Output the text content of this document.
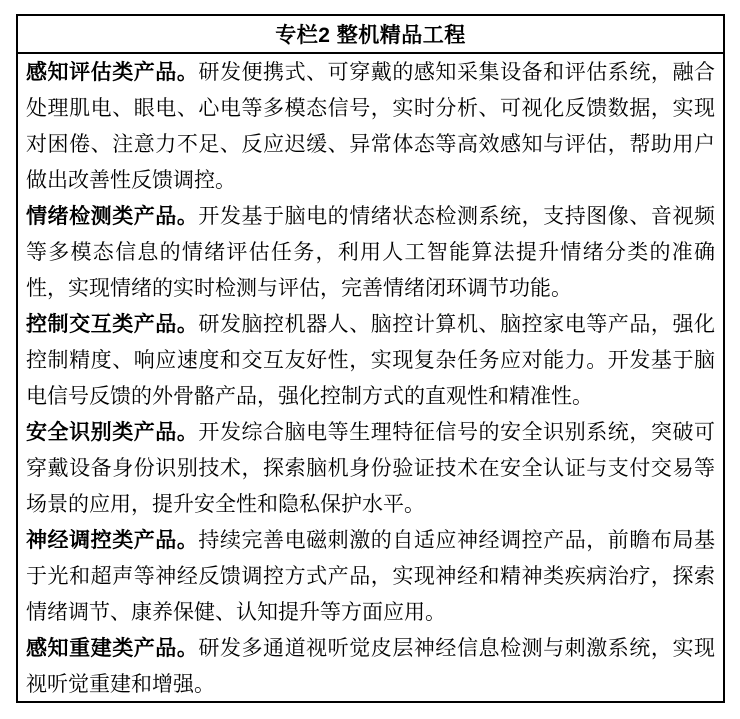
专栏2 整机精品工程

感知评估类产品。研发便携式、可穿戴的感知采集设备和评估系统，融合处理肌电、眼电、心电等多模态信号，实时分析、可视化反馈数据，实现对困倦、注意力不足、反应迟缓、异常体态等高效感知与评估，帮助用户做出改善性反馈调控。

情绪检测类产品。开发基于脑电的情绪状态检测系统，支持图像、音视频等多模态信息的情绪评估任务，利用人工智能算法提升情绪分类的准确性，实现情绪的实时检测与评估，完善情绪闭环调节功能。

控制交互类产品。研发脑控机器人、脑控计算机、脑控家电等产品，强化控制精度、响应速度和交互友好性，实现复杂任务应对能力。开发基于脑电信号反馈的外骨骼产品，强化控制方式的直观性和精准性。

安全识别类产品。开发综合脑电等生理特征信号的安全识别系统，突破可穿戴设备身份识别技术，探索脑机身份验证技术在安全认证与支付交易等场景的应用，提升安全性和隐私保护水平。

神经调控类产品。持续完善电磁刺激的自适应神经调控产品，前瞻布局基于光和超声等神经反馈调控方式产品，实现神经和精神类疾病治疗，探索情绪调节、康养保健、认知提升等方面应用。

感知重建类产品。研发多通道视听觉皮层神经信息检测与刺激系统，实现视听觉重建和增强。
